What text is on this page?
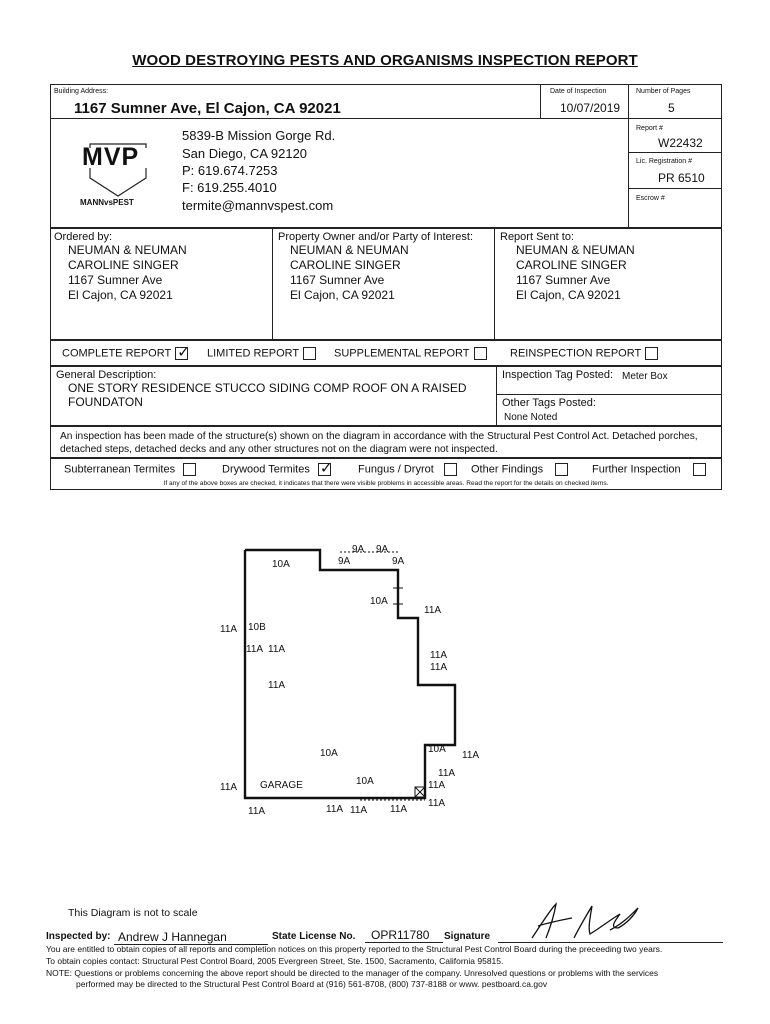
WOOD DESTROYING PESTS AND ORGANISMS INSPECTION REPORT
Building Address:
1167 Sumner Ave, El Cajon, CA 92021
Date of Inspection
10/07/2019
Number of Pages
5
Report #
W22432
Lic. Registration #
PR 6510
Escrow #
MVP
MANNvsPEST
5839-B Mission Gorge Rd.
San Diego, CA 92120
P: 619.674.7253
F: 619.255.4010
termite@mannvspest.com
Ordered by:
NEUMAN & NEUMAN
CAROLINE SINGER
1167 Sumner Ave
El Cajon, CA 92021
Property Owner and/or Party of Interest:
NEUMAN & NEUMAN
CAROLINE SINGER
1167 Sumner Ave
El Cajon, CA 92021
Report Sent to:
NEUMAN & NEUMAN
CAROLINE SINGER
1167 Sumner Ave
El Cajon, CA 92021
COMPLETE REPORT ✓ LIMITED REPORT	SUPPLEMENTAL REPORT	REINSPECTION REPORT
General Description:
ONE STORY RESIDENCE STUCCO SIDING COMP ROOF ON A RAISED FOUNDATON
Inspection Tag Posted: Meter Box
Other Tags Posted:
None Noted
An inspection has been made of the structure(s) shown on the diagram in accordance with the Structural Pest Control Act. Detached porches, detached steps, detached decks and any other structures not on the diagram were not inspected.
Subterranean Termites	Drywood Termites ✓ Fungus / Dryrot	Other Findings	Further Inspection
If any of the above boxes are checked, it indicates that there were visible problems in accessible areas. Read the report for the details on checked items.
9A 9A
9A	9A
10A
10A
11A
11A 10B
11A 11A
11A
11A
11A
10A	10A
11A
11A
11A GARAGE	10A	11A
11A	11A 11A 11A
11A
This Diagram is not to scale
Inspected by: Andrew J Hannegan	State License No.	OPR11780	Signature
You are entitled to obtain copies of all reports and completion notices on this property reported to the Structural Pest Control Board during the preceeding two years.
To obtain copies contact: Structural Pest Control Board, 2005 Evergreen Street, Ste. 1500, Sacramento, California 95815.
NOTE: Questions or problems concerning the above report should be directed to the manager of the company. Unresolved questions or problems with the services
performed may be directed to the Structural Pest Control Board at (916) 561-8708, (800) 737-8188 or www. pestboard.ca.gov
